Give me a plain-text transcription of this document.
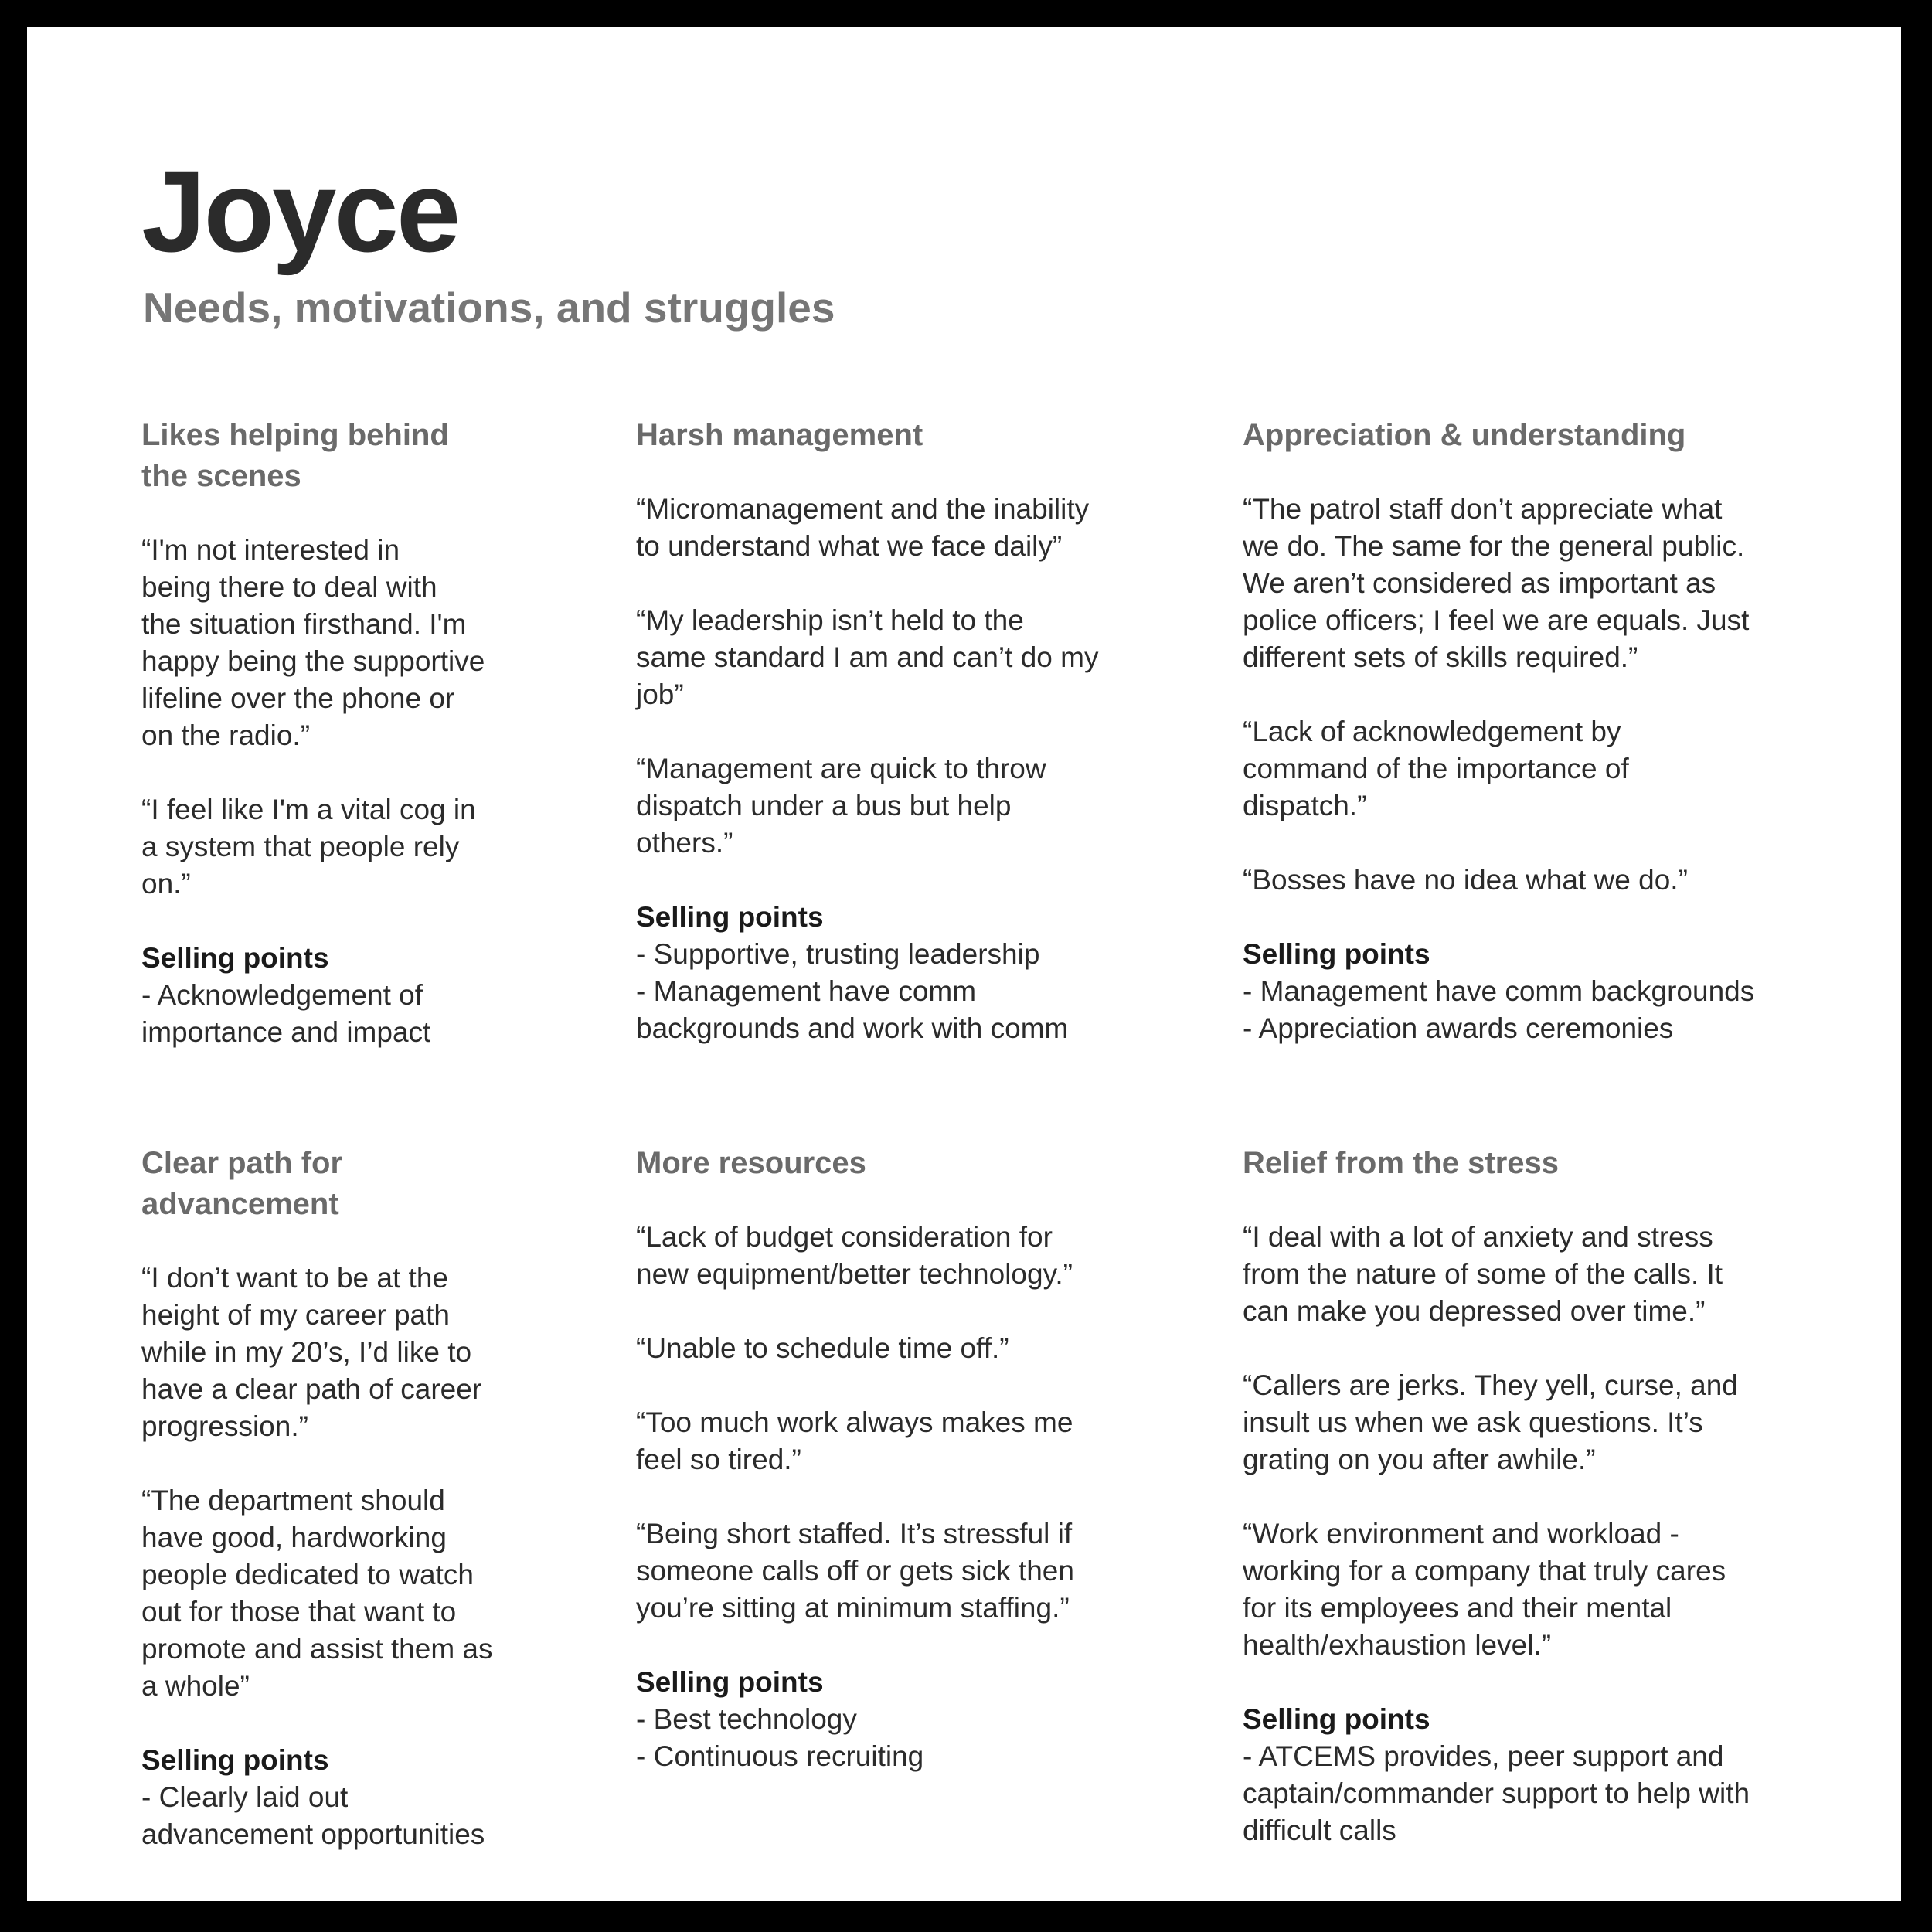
Joyce
Needs, motivations, and struggles
Likes helping behind
the scenes

“I'm not interested in
being there to deal with
the situation firsthand. I'm
happy being the supportive
lifeline over the phone or
on the radio.”

“I feel like I'm a vital cog in
a system that people rely
on.”

Selling points

- Acknowledgement of
importance and impact
Harsh management

“Micromanagement and the inability
to understand what we face daily”

“My leadership isn’t held to the
same standard I am and can’t do my
job”

“Management are quick to throw
dispatch under a bus but help
others.”

Selling points

- Supportive, trusting leadership
- Management have comm
backgrounds and work with comm
Appreciation & understanding

“The patrol staff don’t appreciate what
we do. The same for the general public.
We aren’t considered as important as
police officers; I feel we are equals. Just
different sets of skills required.”

“Lack of acknowledgement by
command of the importance of
dispatch.”

“Bosses have no idea what we do.”

Selling points

- Management have comm backgrounds
- Appreciation awards ceremonies
Clear path for
advancement

“I don’t want to be at the
height of my career path
while in my 20’s, I’d like to
have a clear path of career
progression.”

“The department should
have good, hardworking
people dedicated to watch
out for those that want to
promote and assist them as
a whole”

Selling points

- Clearly laid out
advancement opportunities
More resources

“Lack of budget consideration for
new equipment/better technology.”

“Unable to schedule time off.”

“Too much work always makes me
feel so tired.”

“Being short staffed. It’s stressful if
someone calls off or gets sick then
you’re sitting at minimum staffing.”

Selling points

- Best technology
- Continuous recruiting
Relief from the stress

“I deal with a lot of anxiety and stress
from the nature of some of the calls. It
can make you depressed over time.”

“Callers are jerks. They yell, curse, and
insult us when we ask questions. It’s
grating on you after awhile.”

“Work environment and workload -
working for a company that truly cares
for its employees and their mental
health/exhaustion level.”

Selling points

- ATCEMS provides, peer support and
captain/commander support to help with
difficult calls
